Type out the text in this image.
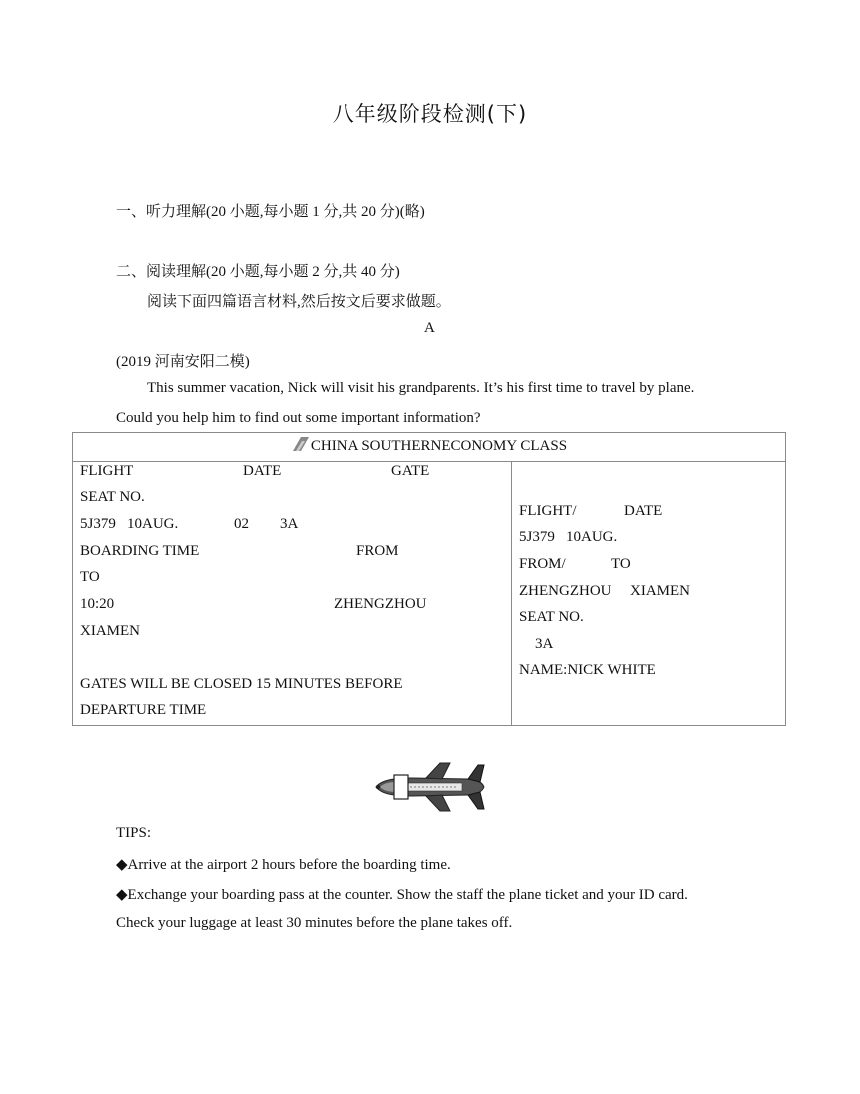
八年级阶段检测(下)
一、听力理解(20 小题,每小题 1 分,共 20 分)(略)
二、阅读理解(20 小题,每小题 2 分,共 40 分)
阅读下面四篇语言材料,然后按文后要求做题。
A
(2019 河南安阳二模)
This summer vacation, Nick will visit his grandparents. It’s his first time to travel by plane.
Could you help him to find out some important information?
CHINA SOUTHERNECONOMY CLASS
FLIGHT	DATE	GATE
SEAT NO.
5J379 10AUG.	02 3A
BOARDING TIME	FROM
TO
10:20	ZHENGZHOU
XIAMEN
GATES WILL BE CLOSED 15 MINUTES BEFORE
DEPARTURE TIME
FLIGHT/	DATE
5J379 10AUG.
FROM/	TO
ZHENGZHOU XIAMEN
SEAT NO.
3A
NAME:NICK WHITE
TIPS:
◆Arrive at the airport 2 hours before the boarding time.
◆Exchange your boarding pass at the counter. Show the staff the plane ticket and your ID card.
Check your luggage at least 30 minutes before the plane takes off.
